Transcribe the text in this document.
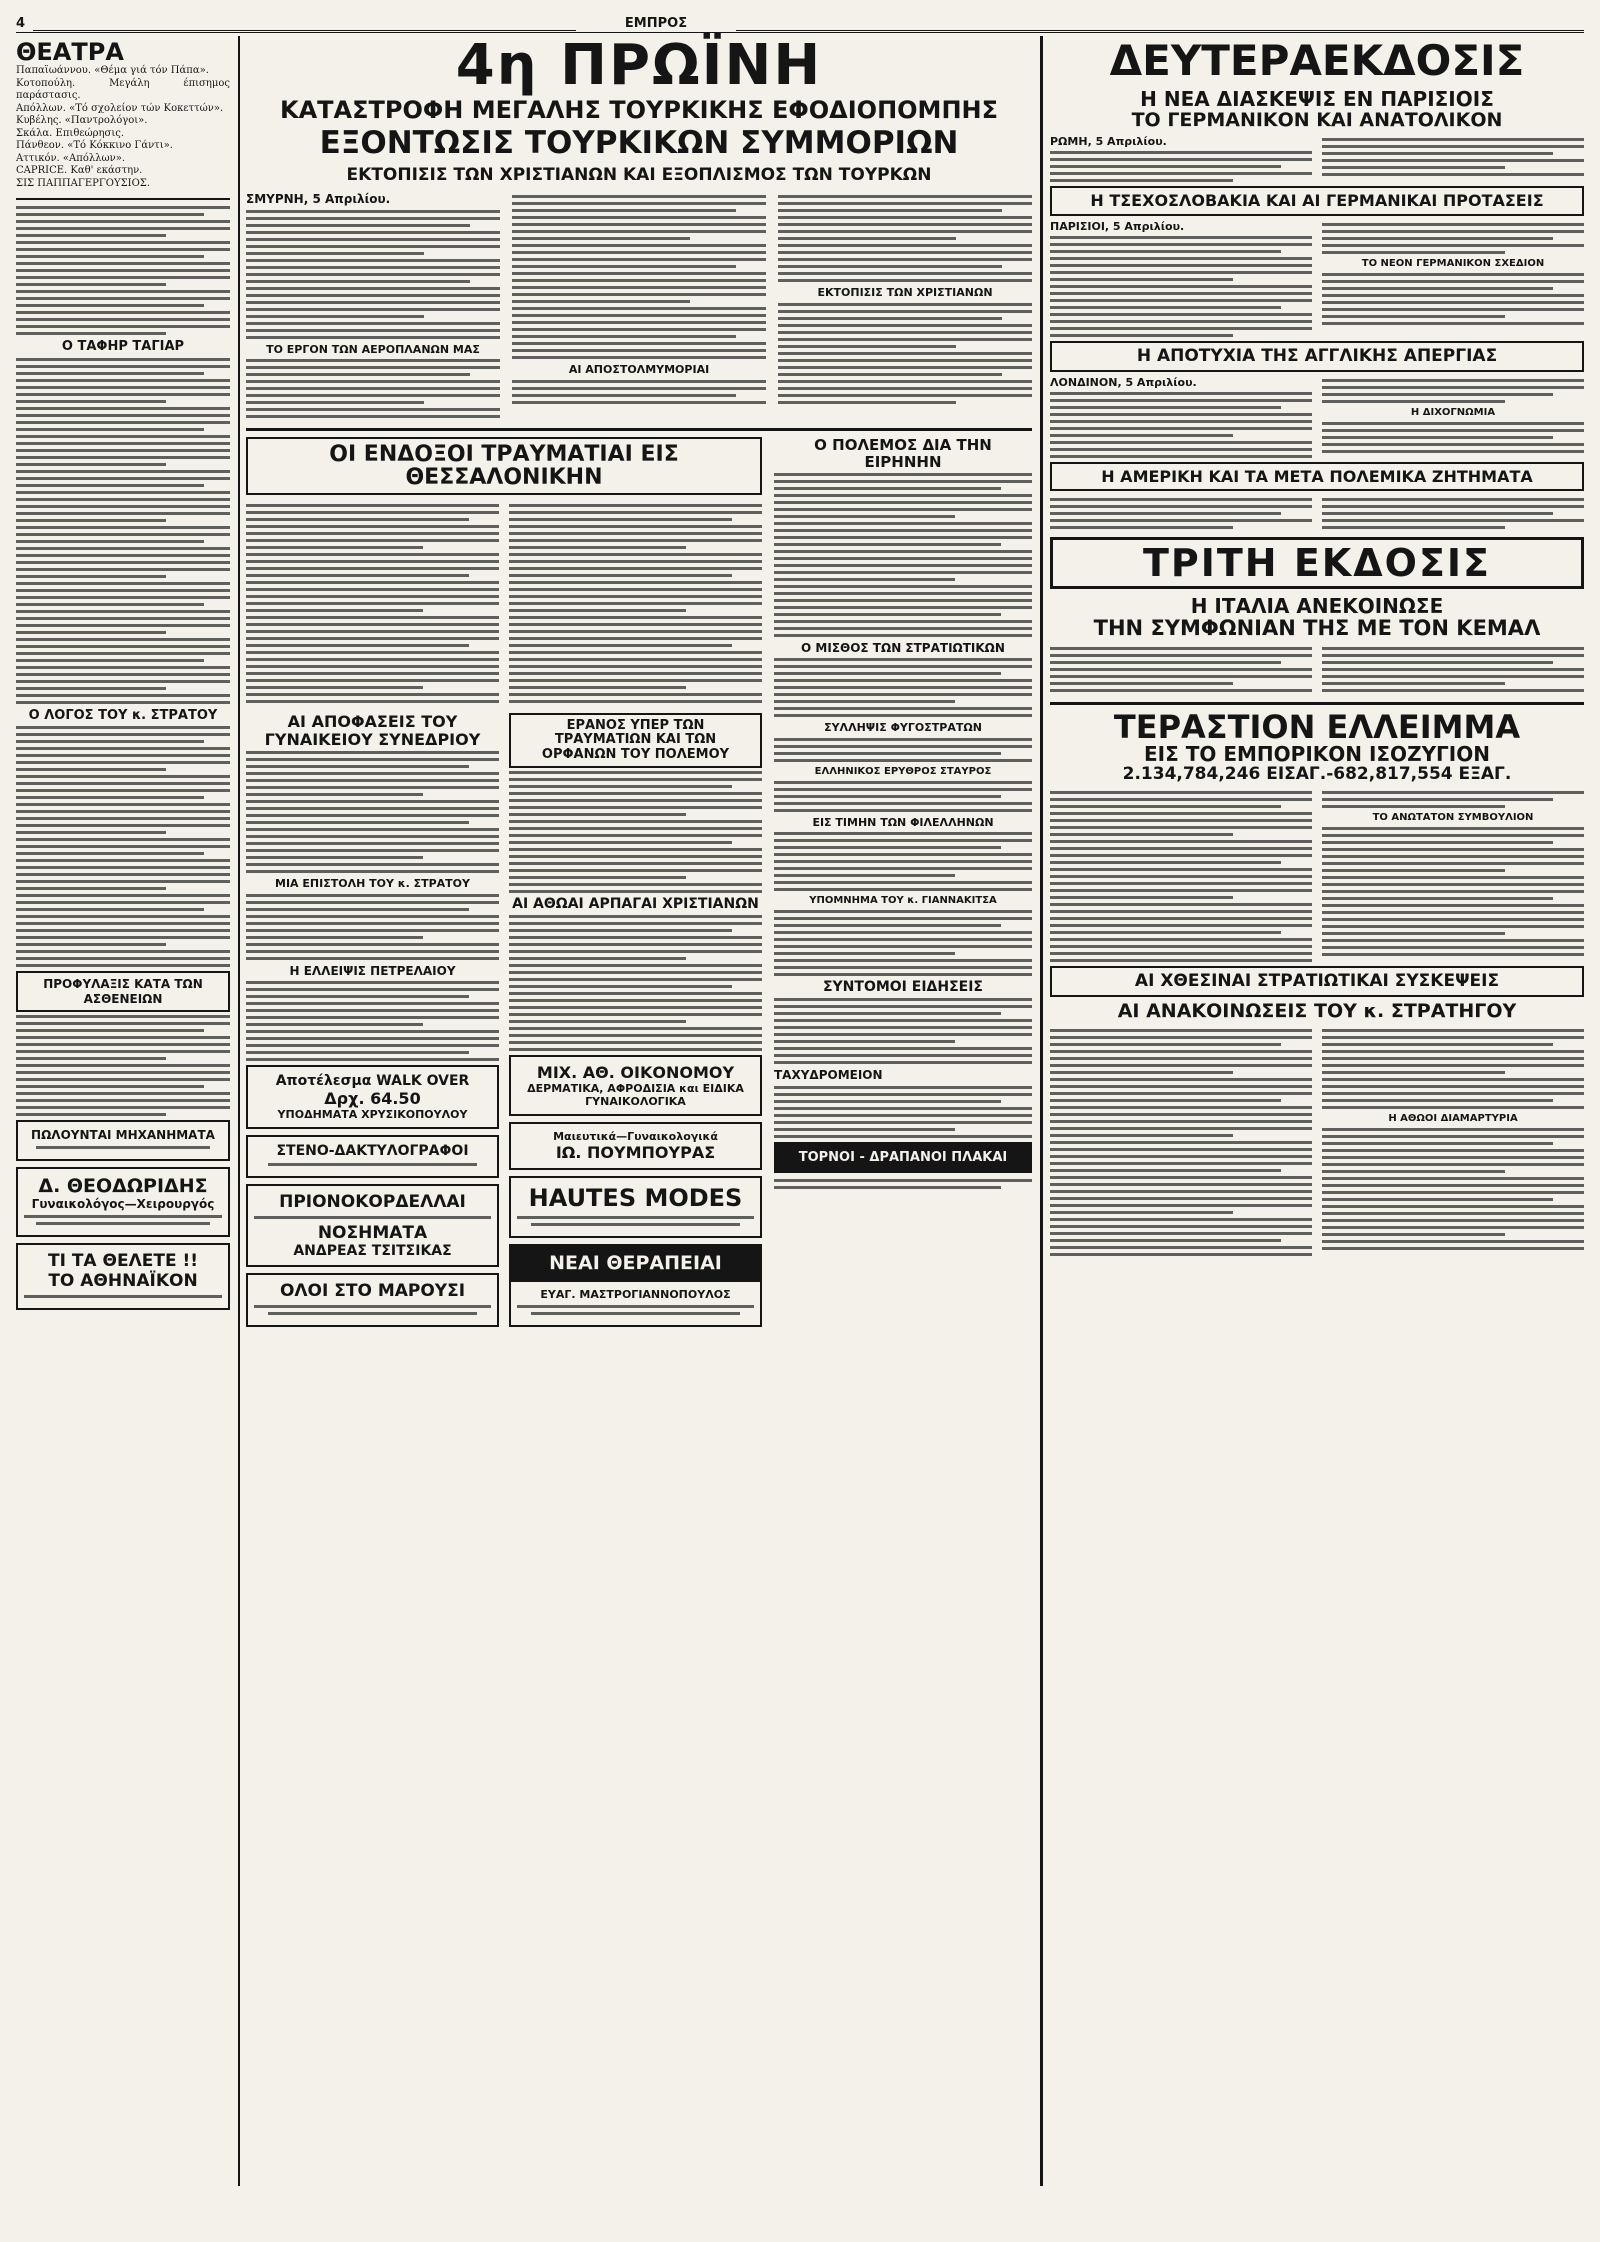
4	ΕΜΠΡΟΣ
ΘΕΑΤΡΑ
Παπαϊωάννου. «Θέμα γιά τόν Πάπα».
Κοτοπούλη. Μεγάλη έπισημος παράστασις.
Απόλλων. «Τό σχολείον τών Κοκεττών».
Κυβέλης. «Παντρολόγοι».
Σκάλα. Επιθεώρησις.
Πάνθεον. «Τό Κόκκινο Γάντι».
Αττικόν. «Απόλλων».
CAPRICE. Καθ' εκάστην.
ΣΙΣ ΠΑΠΠΑΓΕΡΓΟΥΣΙΟΣ.
Ο ΤΑΦΗΡ ΤΑΓΙΑΡ
Ο ΛΟΓΟΣ ΤΟΥ κ. ΣΤΡΑΤΟΥ
ΠΡΟΦΥΛΑΞΙΣ ΚΑΤΑ ΤΩΝ ΑΣΘΕΝΕΙΩΝ
ΠΩΛΟΥΝΤΑΙ ΜΗΧΑΝΗΜΑΤΑ
Δ. ΘΕΟΔΩΡΙΔΗΣ
Γυναικολόγος—Χειρουργός
ΤΙ ΤΑ ΘΕΛΕΤΕ !!
ΤΟ ΑΘΗΝΑΪΚΟΝ
4η ΠΡΩΪΝΗ
ΚΑΤΑΣΤΡΟΦΗ ΜΕΓΑΛΗΣ ΤΟΥΡΚΙΚΗΣ ΕΦΟΔΙΟΠΟΜΠΗΣ
ΕΞΟΝΤΩΣΙΣ ΤΟΥΡΚΙΚΩΝ ΣΥΜΜΟΡΙΩΝ
ΕΚΤΟΠΙΣΙΣ ΤΩΝ ΧΡΙΣΤΙΑΝΩΝ ΚΑΙ ΕΞΟΠΛΙΣΜΟΣ ΤΩΝ ΤΟΥΡΚΩΝ
ΣΜΥΡΝΗ, 5 Απριλίου.
ΤΟ ΕΡΓΟΝ ΤΩΝ ΑΕΡΟΠΛΑΝΩΝ ΜΑΣ
ΑΙ ΑΠΟΣΤΟΛΜΥΜΟΡΙΑΙ
ΕΚΤΟΠΙΣΙΣ ΤΩΝ ΧΡΙΣΤΙΑΝΩΝ
ΟΙ ΕΝΔΟΞΟΙ ΤΡΑΥΜΑΤΙΑΙ ΕΙΣ ΘΕΣΣΑΛΟΝΙΚΗΝ
ΑΙ ΑΠΟΦΑΣΕΙΣ ΤΟΥ ΓΥΝΑΙΚΕΙΟΥ ΣΥΝΕΔΡΙΟΥ
ΜΙΑ ΕΠΙΣΤΟΛΗ ΤΟΥ κ. ΣΤΡΑΤΟΥ
Η ΕΛΛΕΙΨΙΣ ΠΕΤΡΕΛΑΙΟΥ
Αποτέλεσμα WALK OVER
Δρχ. 64.50
ΥΠΟΔΗΜΑΤΑ ΧΡΥΣΙΚΟΠΟΥΛΟΥ
ΣΤΕΝΟ-ΔΑΚΤΥΛΟΓΡΑΦΟΙ
ΠΡΙΟΝΟΚΟΡΔΕΛΛΑΙ
ΝΟΣΗΜΑΤΑ
ΑΝΔΡΕΑΣ ΤΣΙΤΣΙΚΑΣ
ΟΛΟΙ ΣΤΟ ΜΑΡΟΥΣΙ
ΕΡΑΝΟΣ ΥΠΕΡ ΤΩΝ ΤΡΑΥΜΑΤΙΩΝ ΚΑΙ ΤΩΝ ΟΡΦΑΝΩΝ ΤΟΥ ΠΟΛΕΜΟΥ
ΑΙ ΑΘΩΑΙ ΑΡΠΑΓΑΙ ΧΡΙΣΤΙΑΝΩΝ
ΜΙΧ. ΑΘ. ΟΙΚΟΝΟΜΟΥ
ΔΕΡΜΑΤΙΚΑ, ΑΦΡΟΔΙΣΙΑ και ΕΙΔΙΚΑ ΓΥΝΑΙΚΟΛΟΓΙΚΑ
Μαιευτικά—Γυναικολογικά
ΙΩ. ΠΟΥΜΠΟΥΡΑΣ
HAUTES MODES
ΝΕΑΙ ΘΕΡΑΠΕΙΑΙ
ΕΥΑΓ. ΜΑΣΤΡΟΓΙΑΝΝΟΠΟΥΛΟΣ
Ο ΠΟΛΕΜΟΣ ΔΙΑ ΤΗΝ ΕΙΡΗΝΗΝ
Ο ΜΙΣΘΟΣ ΤΩΝ ΣΤΡΑΤΙΩΤΙΚΩΝ
ΣΥΛΛΗΨΙΣ ΦΥΓΟΣΤΡΑΤΩΝ
ΕΛΛΗΝΙΚΟΣ ΕΡΥΘΡΟΣ ΣΤΑΥΡΟΣ
ΕΙΣ ΤΙΜΗΝ ΤΩΝ ΦΙΛΕΛΛΗΝΩΝ
ΥΠΟΜΝΗΜΑ ΤΟΥ κ. ΓΙΑΝΝΑΚΙΤΣΑ
ΣΥΝΤΟΜΟΙ ΕΙΔΗΣΕΙΣ
ΤΑΧΥΔΡΟΜΕΙΟΝ
ΤΟΡΝΟΙ - ΔΡΑΠΑΝΟΙ ΠΛΑΚΑΙ
ΔΕΥΤΕΡΑΕΚΔΟΣΙΣ
Η ΝΕΑ ΔΙΑΣΚΕΨΙΣ ΕΝ ΠΑΡΙΣΙΟΙΣ
ΤΟ ΓΕΡΜΑΝΙΚΟΝ ΚΑΙ ΑΝΑΤΟΛΙΚΟΝ
ΡΩΜΗ, 5 Απριλίου.
Η ΤΣΕΧΟΣΛΟΒΑΚΙΑ ΚΑΙ ΑΙ ΓΕΡΜΑΝΙΚΑΙ ΠΡΟΤΑΣΕΙΣ
ΠΑΡΙΣΙΟΙ, 5 Απριλίου.
ΤΟ ΝΕΟΝ ΓΕΡΜΑΝΙΚΟΝ ΣΧΕΔΙΟΝ
Η ΑΠΟΤΥΧΙΑ ΤΗΣ ΑΓΓΛΙΚΗΣ ΑΠΕΡΓΙΑΣ
ΛΟΝΔΙΝΟΝ, 5 Απριλίου.
Η ΔΙΧΟΓΝΩΜΙΑ
Η ΑΜΕΡΙΚΗ ΚΑΙ ΤΑ ΜΕΤΑ ΠΟΛΕΜΙΚΑ ΖΗΤΗΜΑΤΑ
ΤΡΙΤΗ ΕΚΔΟΣΙΣ
Η ΙΤΑΛΙΑ ΑΝΕΚΟΙΝΩΣΕ
ΤΗΝ ΣΥΜΦΩΝΙΑΝ ΤΗΣ ΜΕ ΤΟΝ ΚΕΜΑΛ
ΤΕΡΑΣΤΙΟΝ ΕΛΛΕΙΜΜΑ
ΕΙΣ ΤΟ ΕΜΠΟΡΙΚΟΝ ΙΣΟΖΥΓΙΟΝ
2.134,784,246 ΕΙΣΑΓ.-682,817,554 ΕΞΑΓ.
ΤΟ ΑΝΩΤΑΤΟΝ ΣΥΜΒΟΥΛΙΟΝ
ΑΙ ΧΘΕΣΙΝΑΙ ΣΤΡΑΤΙΩΤΙΚΑΙ ΣΥΣΚΕΨΕΙΣ
ΑΙ ΑΝΑΚΟΙΝΩΣΕΙΣ ΤΟΥ κ. ΣΤΡΑΤΗΓΟΥ
Η ΑΘΩΟΙ ΔΙΑΜΑΡΤΥΡΙΑ
